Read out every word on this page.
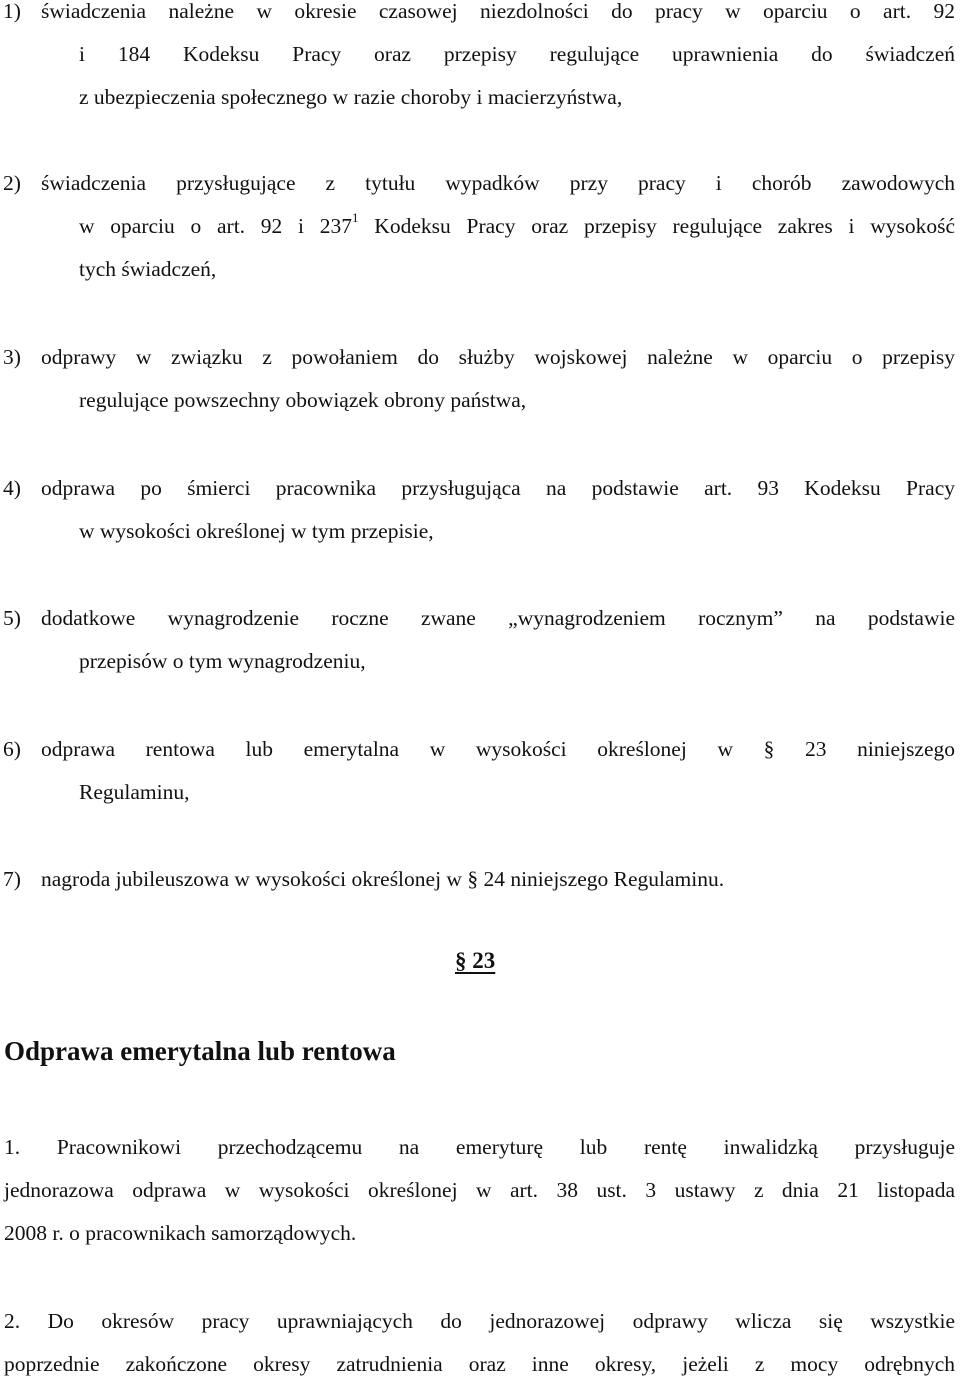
1) świadczenia należne w okresie czasowej niezdolności do pracy w oparciu o art. 92
i 184 Kodeksu Pracy oraz przepisy regulujące uprawnienia do świadczeń
z ubezpieczenia społecznego w razie choroby i macierzyństwa,
2) świadczenia przysługujące z tytułu wypadków przy pracy i chorób zawodowych
w oparciu o art. 92 i $237^1$ Kodeksu Pracy oraz przepisy regulujące zakres i wysokość
tych świadczeń,
3) odprawy w związku z powołaniem do służby wojskowej należne w oparciu o przepisy
regulujące powszechny obowiązek obrony państwa,
4) odprawa po śmierci pracownika przysługująca na podstawie art. 93 Kodeksu Pracy
w wysokości określonej w tym przepisie,
5) dodatkowe wynagrodzenie roczne zwane „wynagrodzeniem rocznym” na podstawie
przepisów o tym wynagrodzeniu,
6) odprawa rentowa lub emerytalna w wysokości określonej w § 23 niniejszego
Regulaminu,
7) nagroda jubileuszowa w wysokości określonej w § 24 niniejszego Regulaminu.
§ 23
Odprawa emerytalna lub rentowa
1. Pracownikowi przechodzącemu na emeryturę lub rentę inwalidzką przysługuje
jednorazowa odprawa w wysokości określonej w art. 38 ust. 3 ustawy z dnia 21 listopada
2008 r. o pracownikach samorządowych.
2. Do okresów pracy uprawniających do jednorazowej odprawy wlicza się wszystkie
poprzednie zakończone okresy zatrudnienia oraz inne okresy, jeżeli z mocy odrębnych
